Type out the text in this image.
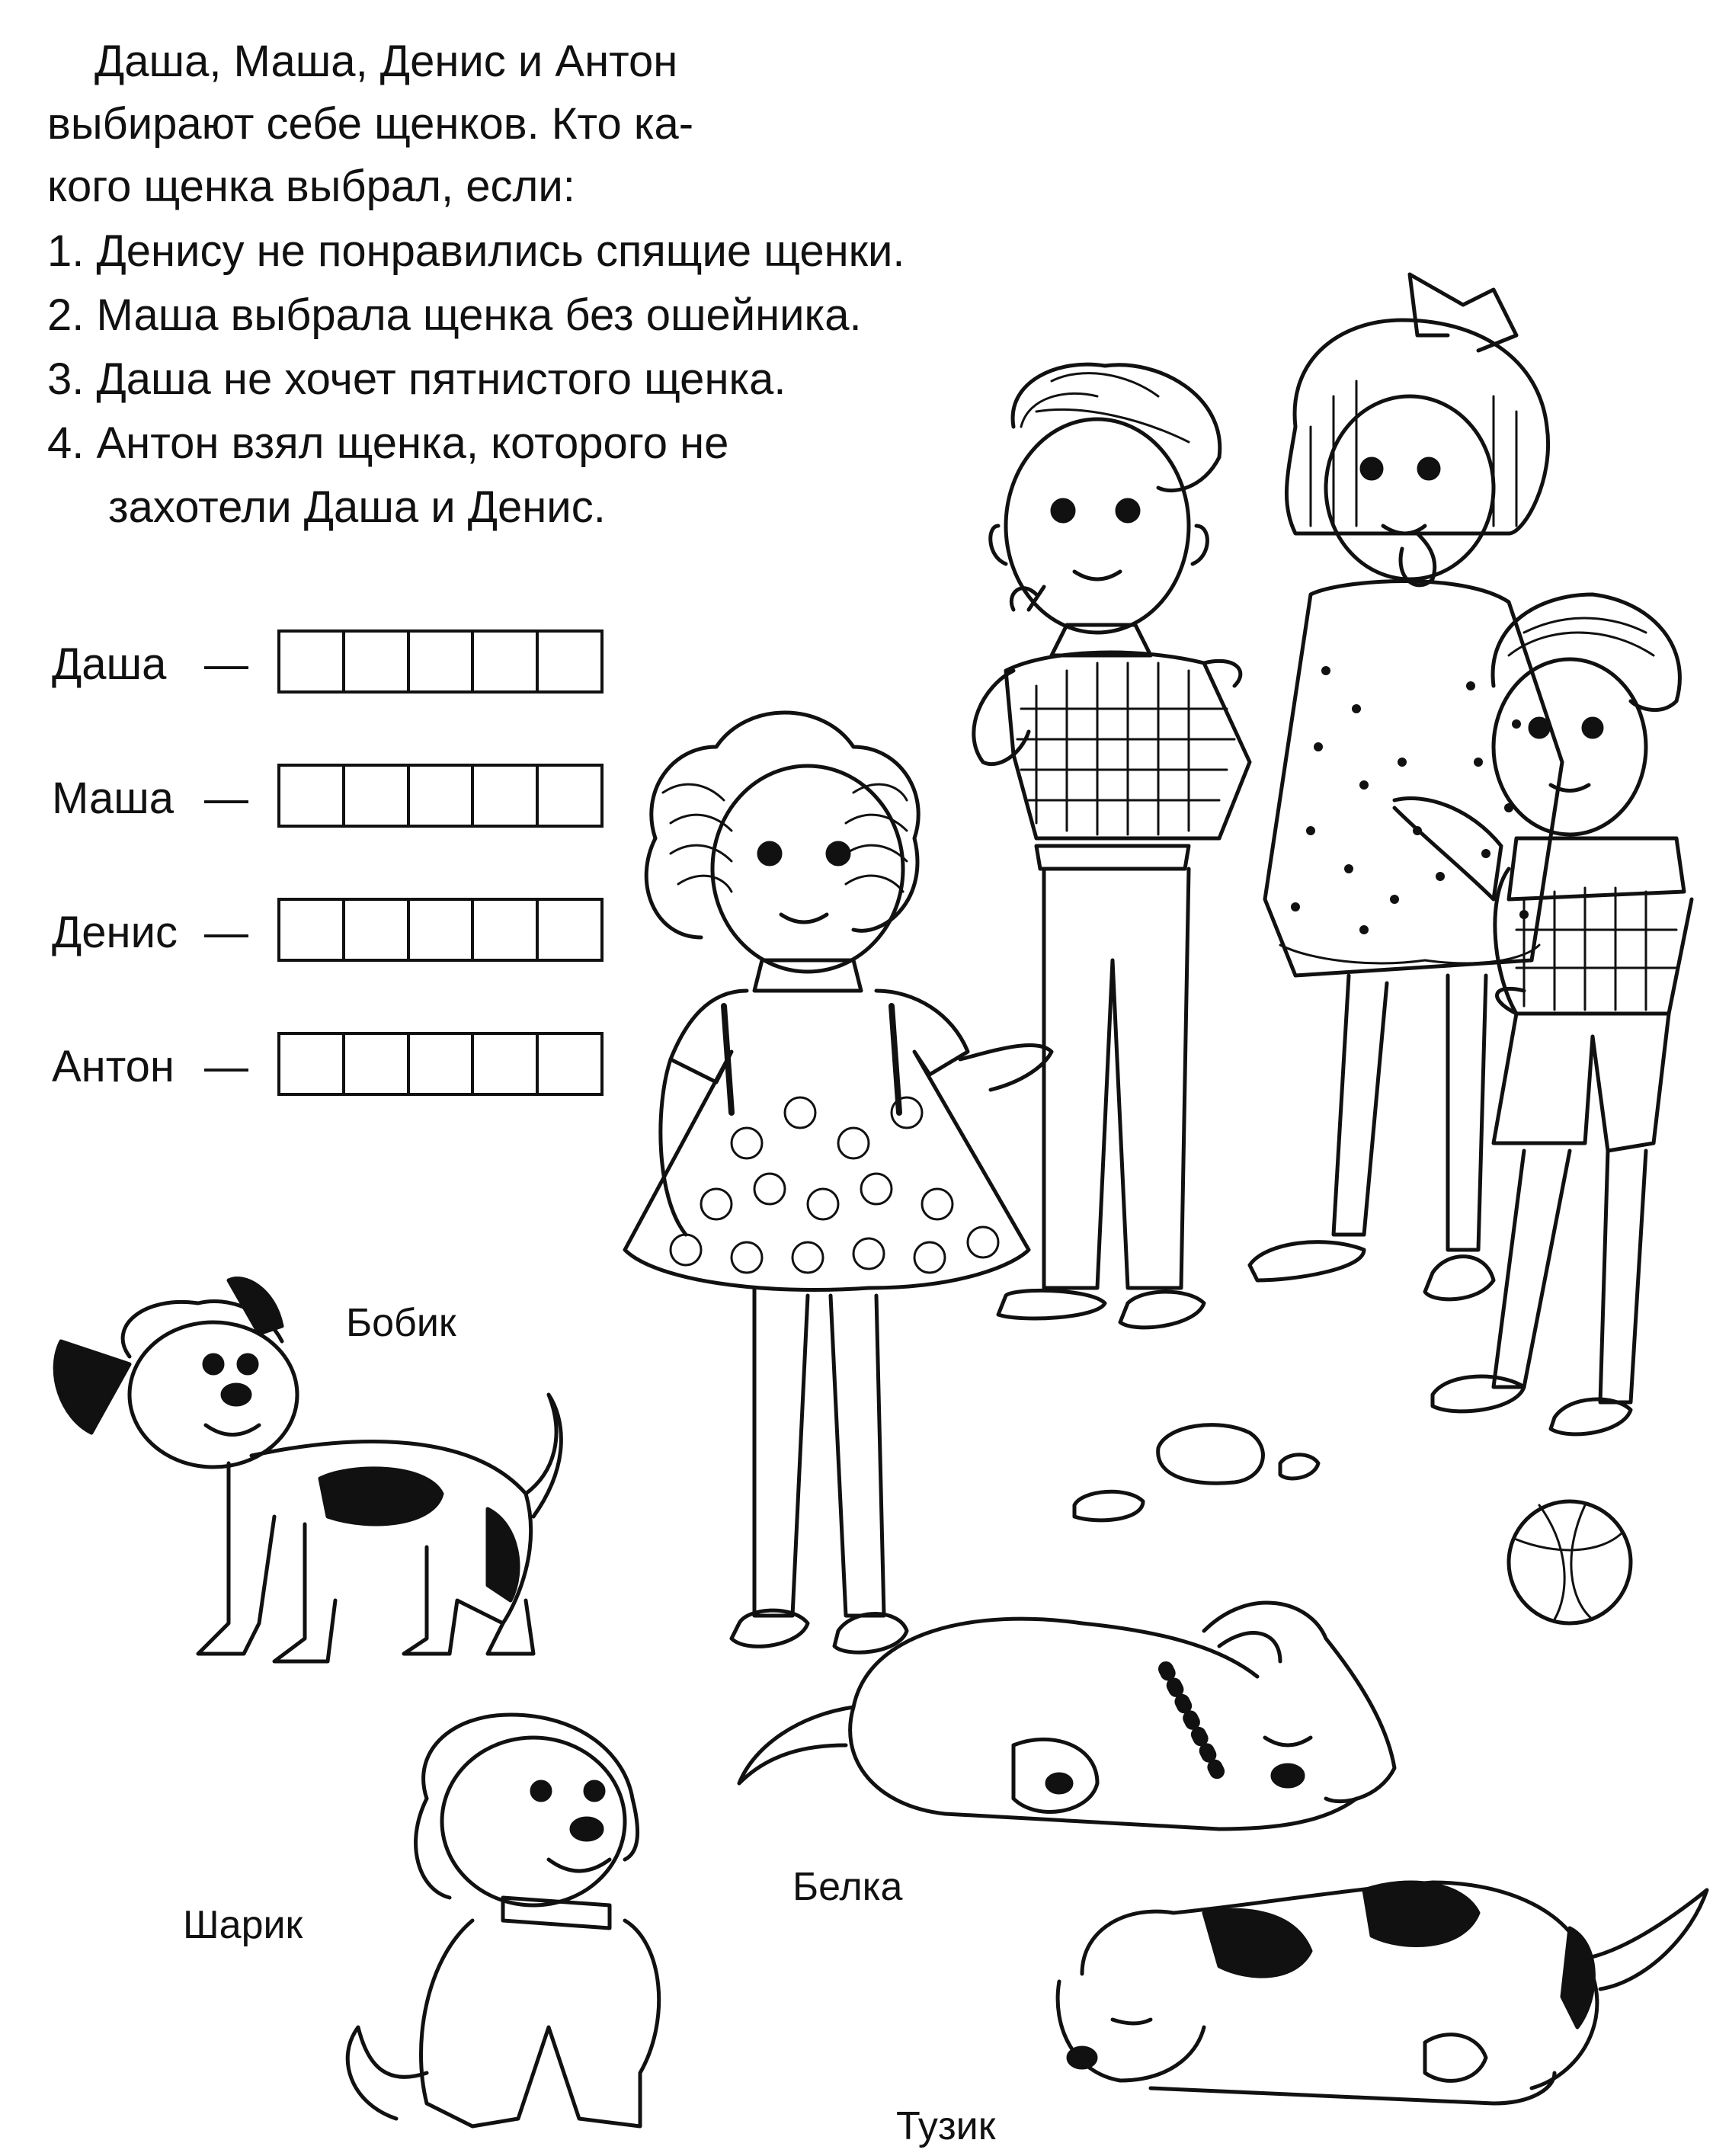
Даша, Маша, Денис и Антон
выбирают себе щенков. Кто ка-
кого щенка выбрал, если:
1. Денису не понравились спящие щенки.
2. Маша выбрала щенка без ошейника.
3. Даша не хочет пятнистого щенка.
4. Антон взял щенка, которого не
захотели Даша и Денис.
Даша —
Маша —
Денис —
Антон —
Бобик
Шарик
Белка
Тузик
